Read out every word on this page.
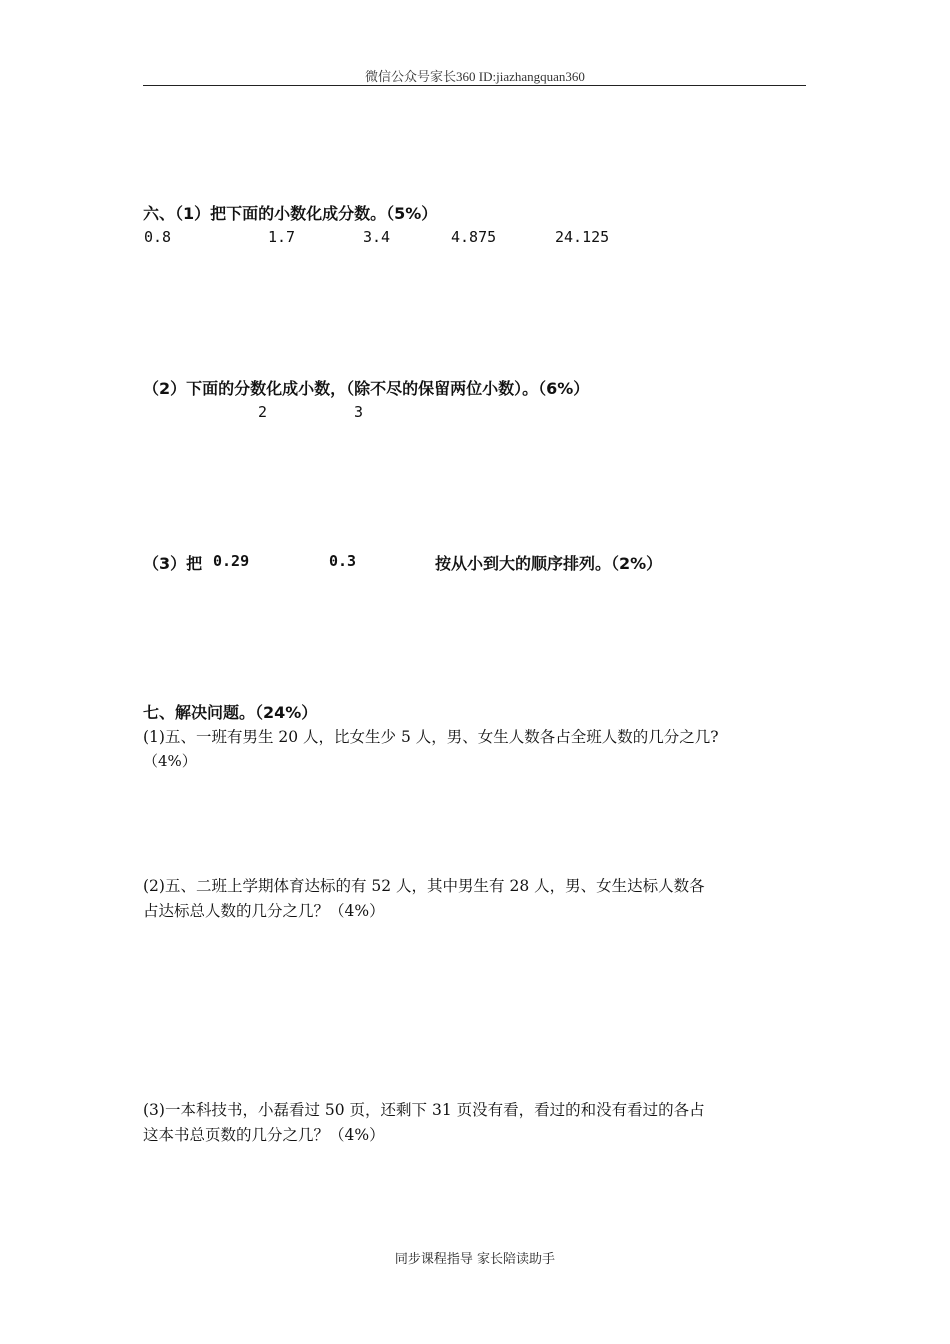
微信公众号家长360 ID:jiazhangquan360
六、（1）把下面的小数化成分数。（5%）
0.8	1.7	3.4	4.875	24.125
（2）下面的分数化成小数，（除不尽的保留两位小数）。（6%）
2	3
（3）把 0.29	0.3	按从小到大的顺序排列。（2%）
七、解决问题。（24%）
(1)五、一班有男生 20 人，比女生少 5 人，男、女生人数各占全班人数的几分之几?
（4%）
(2)五、二班上学期体育达标的有 52 人，其中男生有 28 人，男、女生达标人数各
占达标总人数的几分之几？（4%）
(3)一本科技书，小磊看过 50 页，还剩下 31 页没有看，看过的和没有看过的各占
这本书总页数的几分之几？（4%）
同步课程指导 家长陪读助手
